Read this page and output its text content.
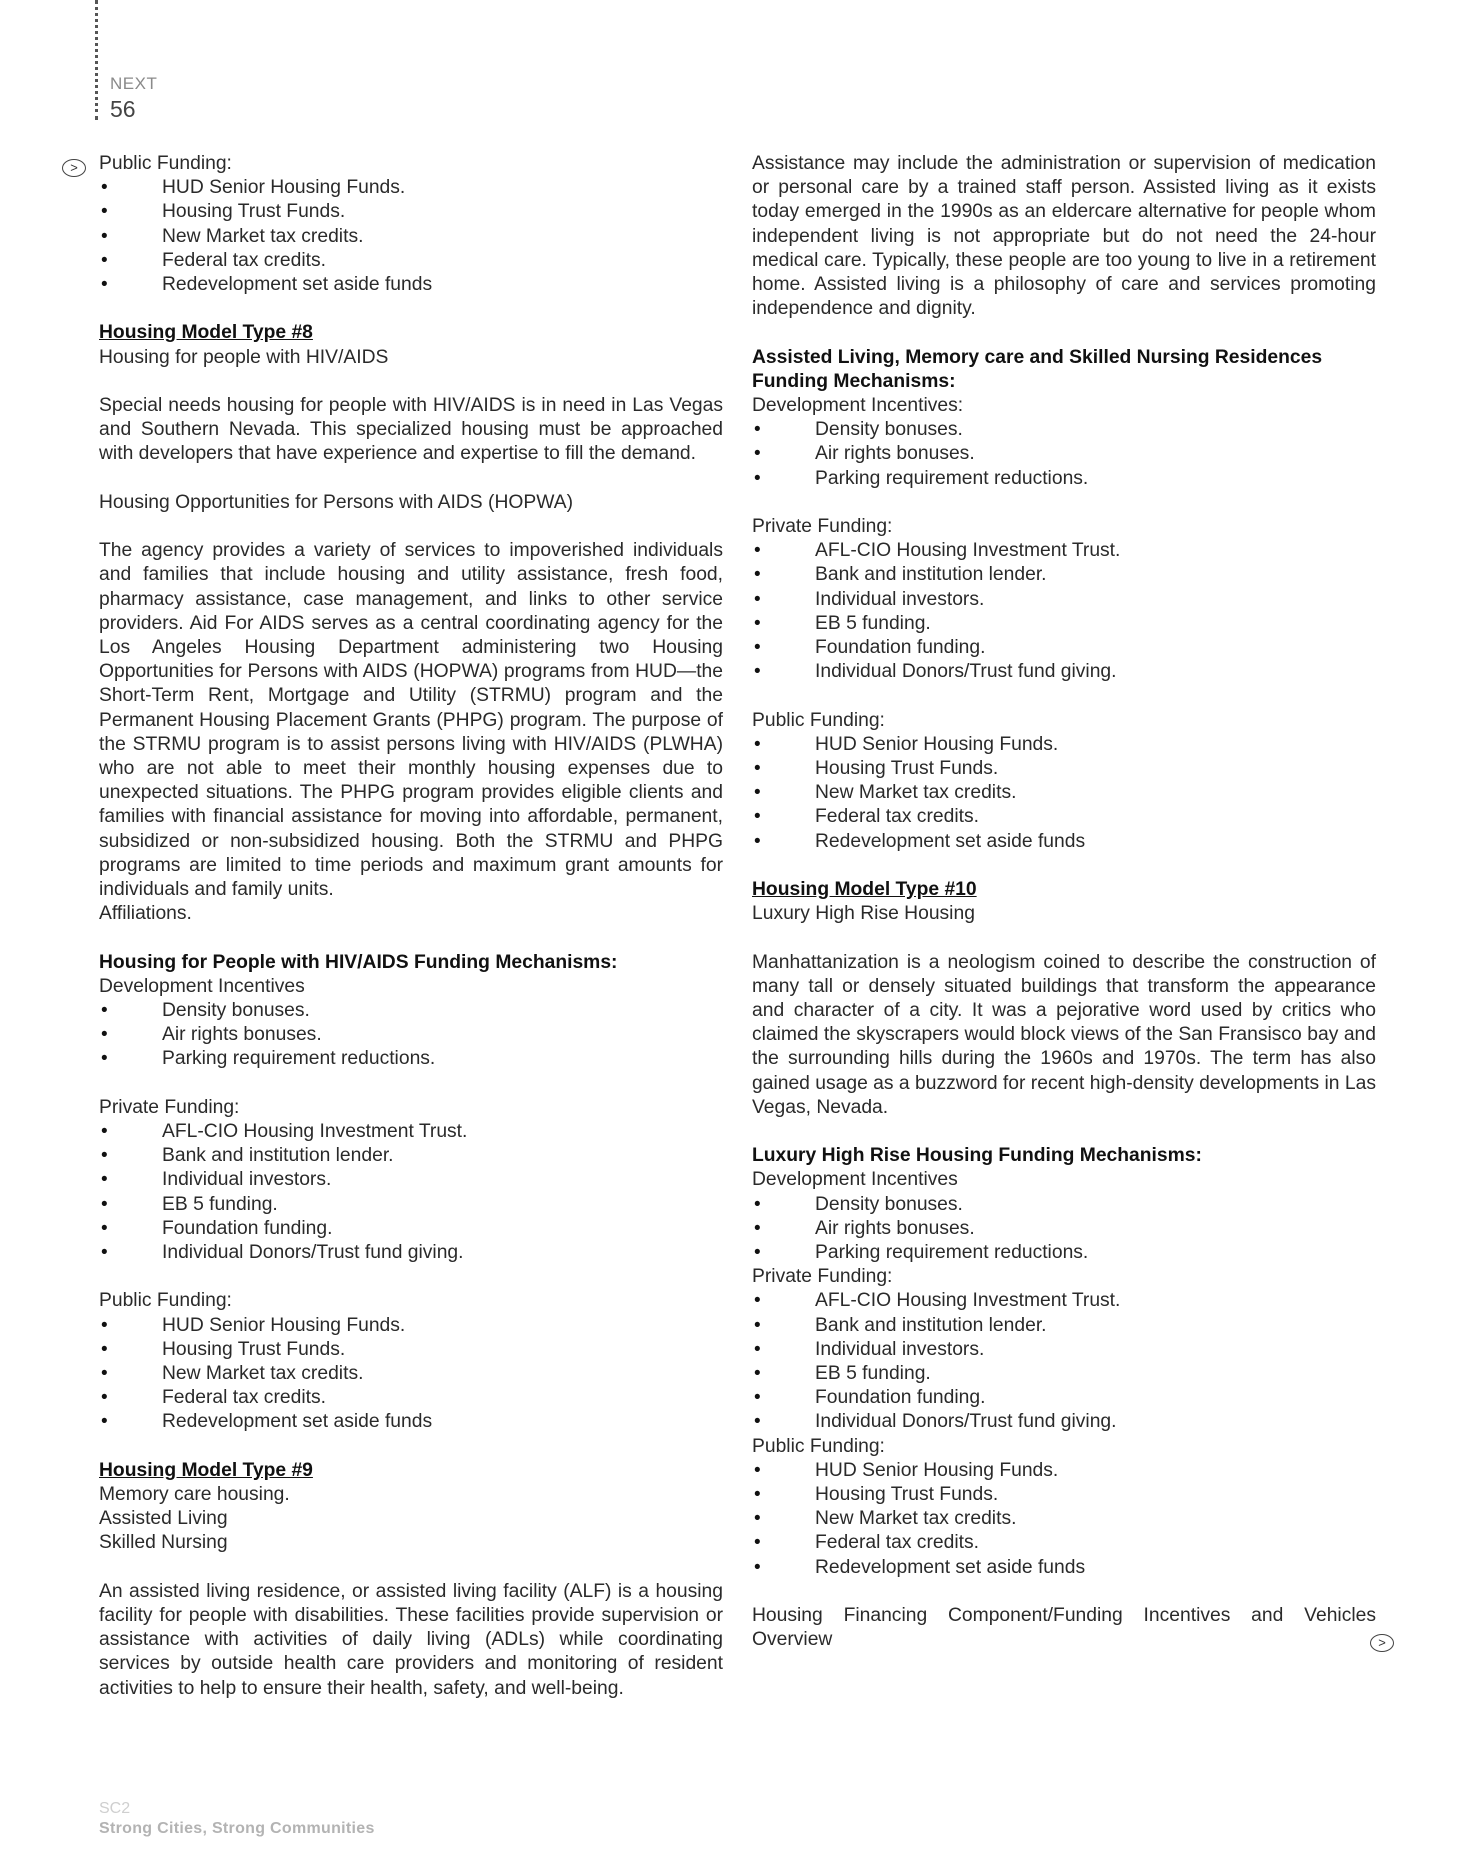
NEXT
56
>
>

Public Funding:

• HUD Senior Housing Funds.
• Housing Trust Funds.
• New Market tax credits.
• Federal tax credits.
• Redevelopment set aside funds

Housing Model Type #8

Housing for people with HIV/AIDS

Special needs housing for people with HIV/AIDS is in need in Las Vegas and Southern Nevada. This specialized housing must be approached with developers that have experience and expertise to fill the demand.

Housing Opportunities for Persons with AIDS (HOPWA)

The agency provides a variety of services to impoverished individuals and families that include housing and utility assistance, fresh food, pharmacy assistance, case management, and links to other service providers. Aid For AIDS serves as a central coordinating agency for the Los Angeles Housing Department administering two Housing Opportunities for Persons with AIDS (HOPWA) programs from HUD—the Short-Term Rent, Mortgage and Utility (STRMU) program and the Permanent Housing Placement Grants (PHPG) program. The purpose of the STRMU program is to assist persons living with HIV/AIDS (PLWHA) who are not able to meet their monthly housing expenses due to unexpected situations. The PHPG program provides eligible clients and families with financial assistance for moving into affordable, permanent, subsidized or non-subsidized housing. Both the STRMU and PHPG programs are limited to time periods and maximum grant amounts for individuals and family units.

Affiliations.

Housing for People with HIV/AIDS Funding Mechanisms:

Development Incentives

• Density bonuses.
• Air rights bonuses.
• Parking requirement reductions.

Private Funding:

• AFL-CIO Housing Investment Trust.
• Bank and institution lender.
• Individual investors.
• EB 5 funding.
• Foundation funding.
• Individual Donors/Trust fund giving.

Public Funding:

• HUD Senior Housing Funds.
• Housing Trust Funds.
• New Market tax credits.
• Federal tax credits.
• Redevelopment set aside funds

Housing Model Type #9

Memory care housing.

Assisted Living

Skilled Nursing

An assisted living residence, or assisted living facility (ALF) is a housing facility for people with disabilities. These facilities provide supervision or assistance with activities of daily living (ADLs) while coordinating services by outside health care providers and monitoring of resident activities to help to ensure their health, safety, and well-being.

Assistance may include the administration or supervision of medication or personal care by a trained staff person. Assisted living as it exists today emerged in the 1990s as an eldercare alternative for people whom independent living is not appropriate but do not need the 24-hour medical care. Typically, these people are too young to live in a retirement home. Assisted living is a philosophy of care and services promoting independence and dignity.

Assisted Living, Memory care and Skilled Nursing Residences Funding Mechanisms:

Development Incentives:

• Density bonuses.
• Air rights bonuses.
• Parking requirement reductions.

Private Funding:

• AFL-CIO Housing Investment Trust.
• Bank and institution lender.
• Individual investors.
• EB 5 funding.
• Foundation funding.
• Individual Donors/Trust fund giving.

Public Funding:

• HUD Senior Housing Funds.
• Housing Trust Funds.
• New Market tax credits.
• Federal tax credits.
• Redevelopment set aside funds

Housing Model Type #10

Luxury High Rise Housing

Manhattanization is a neologism coined to describe the construction of many tall or densely situated buildings that transform the appearance and character of a city. It was a pejorative word used by critics who claimed the skyscrapers would block views of the San Fransisco bay and the surrounding hills during the 1960s and 1970s. The term has also gained usage as a buzzword for recent high-density developments in Las Vegas, Nevada.

Luxury High Rise Housing Funding Mechanisms:

Development Incentives

• Density bonuses.
• Air rights bonuses.
• Parking requirement reductions.

Private Funding:

• AFL-CIO Housing Investment Trust.
• Bank and institution lender.
• Individual investors.
• EB 5 funding.
• Foundation funding.
• Individual Donors/Trust fund giving.

Public Funding:

• HUD Senior Housing Funds.
• Housing Trust Funds.
• New Market tax credits.
• Federal tax credits.
• Redevelopment set aside funds

Housing Financing Component/Funding Incentives and Vehicles Overview

SC2
Strong Cities, Strong Communities
